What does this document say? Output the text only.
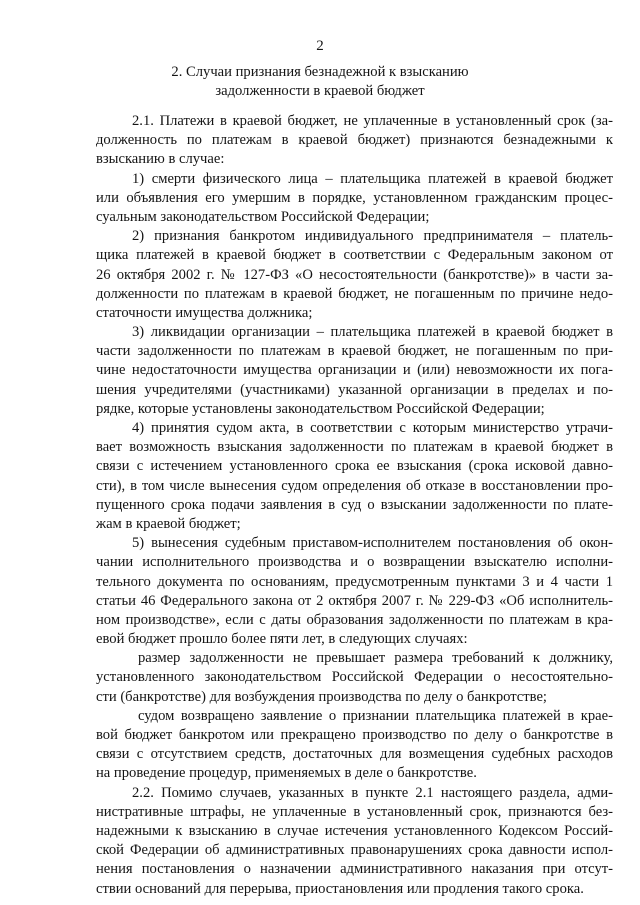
2
2. Случаи признания безнадежной к взысканию
задолженности в краевой бюджет
2.1. Платежи в краевой бюджет, не уплаченные в установленный срок (за-
долженность по платежам в краевой бюджет) признаются безнадежными к
взысканию в случае:
1) смерти физического лица – плательщика платежей в краевой бюджет
или объявления его умершим в порядке, установленном гражданским процес-
суальным законодательством Российской Федерации;
2) признания банкротом индивидуального предпринимателя – платель-
щика платежей в краевой бюджет в соответствии с Федеральным законом от
26 октября 2002 г. № 127-ФЗ «О несостоятельности (банкротстве)» в части за-
долженности по платежам в краевой бюджет, не погашенным по причине недо-
статочности имущества должника;
3) ликвидации организации – плательщика платежей в краевой бюджет в
части задолженности по платежам в краевой бюджет, не погашенным по при-
чине недостаточности имущества организации и (или) невозможности их пога-
шения учредителями (участниками) указанной организации в пределах и по-
рядке, которые установлены законодательством Российской Федерации;
4) принятия судом акта, в соответствии с которым министерство утрачи-
вает возможность взыскания задолженности по платежам в краевой бюджет в
связи с истечением установленного срока ее взыскания (срока исковой давно-
сти), в том числе вынесения судом определения об отказе в восстановлении про-
пущенного срока подачи заявления в суд о взыскании задолженности по платe-
жам в краевой бюджет;
5) вынесения судебным приставом-исполнителем постановления об окон-
чании исполнительного производства и о возвращении взыскателю исполни-
тельного документа по основаниям, предусмотренным пунктами 3 и 4 части 1
статьи 46 Федерального закона от 2 октября 2007 г. № 229-ФЗ «Об исполнитель-
ном производстве», если с даты образования задолженности по платежам в кра-
евой бюджет прошло более пяти лет, в следующих случаях:
размер задолженности не превышает размера требований к должнику,
установленного законодательством Российской Федерации о несостоятельно-
сти (банкротстве) для возбуждения производства по делу о банкротстве;
судом возвращено заявление о признании плательщика платежей в крае-
вой бюджет банкротом или прекращено производство по делу о банкротстве в
связи с отсутствием средств, достаточных для возмещения судебных расходов
на проведение процедур, применяемых в деле о банкротстве.
2.2. Помимо случаев, указанных в пункте 2.1 настоящего раздела, адми-
нистративные штрафы, не уплаченные в установленный срок, признаются без-
надежными к взысканию в случае истечения установленного Кодексом Россий-
ской Федерации об административных правонарушениях срока давности испол-
нения постановления о назначении административного наказания при отсут-
ствии оснований для перерыва, приостановления или продления такого срока.
